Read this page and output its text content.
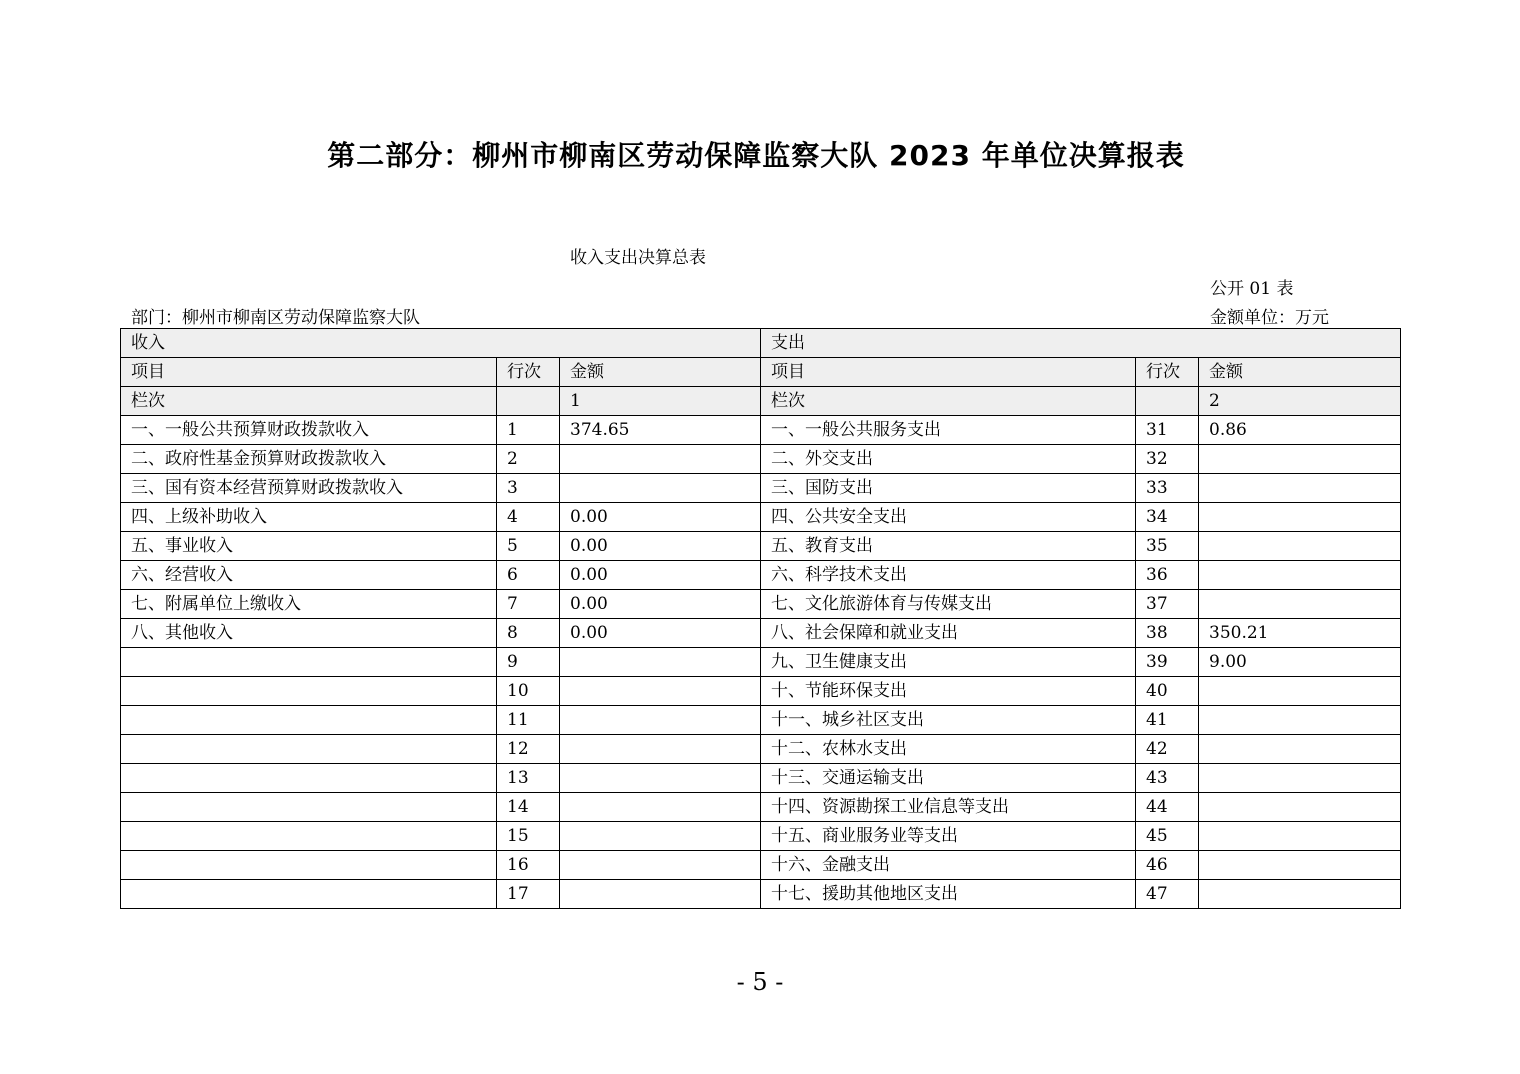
第二部分：柳州市柳南区劳动保障监察大队 2023 年单位决算报表
收入支出决算总表
公开 01 表
部门：柳州市柳南区劳动保障监察大队	金额单位：万元
收入			支出		
项目	行次	金额	项目	行次	金额
栏次		1	栏次		2
一、一般公共预算财政拨款收入	1	374.65	一、一般公共服务支出	31	0.86
二、政府性基金预算财政拨款收入	2		二、外交支出	32	
三、国有资本经营预算财政拨款收入	3		三、国防支出	33	
四、上级补助收入	4	0.00	四、公共安全支出	34	
五、事业收入	5	0.00	五、教育支出	35	
六、经营收入	6	0.00	六、科学技术支出	36	
七、附属单位上缴收入	7	0.00	七、文化旅游体育与传媒支出	37	
八、其他收入	8	0.00	八、社会保障和就业支出	38	350.21
	9		九、卫生健康支出	39	9.00
	10		十、节能环保支出	40	
	11		十一、城乡社区支出	41	
	12		十二、农林水支出	42	
	13		十三、交通运输支出	43	
	14		十四、资源勘探工业信息等支出	44	
	15		十五、商业服务业等支出	45	
	16		十六、金融支出	46	
	17		十七、援助其他地区支出	47	
- 5 -
